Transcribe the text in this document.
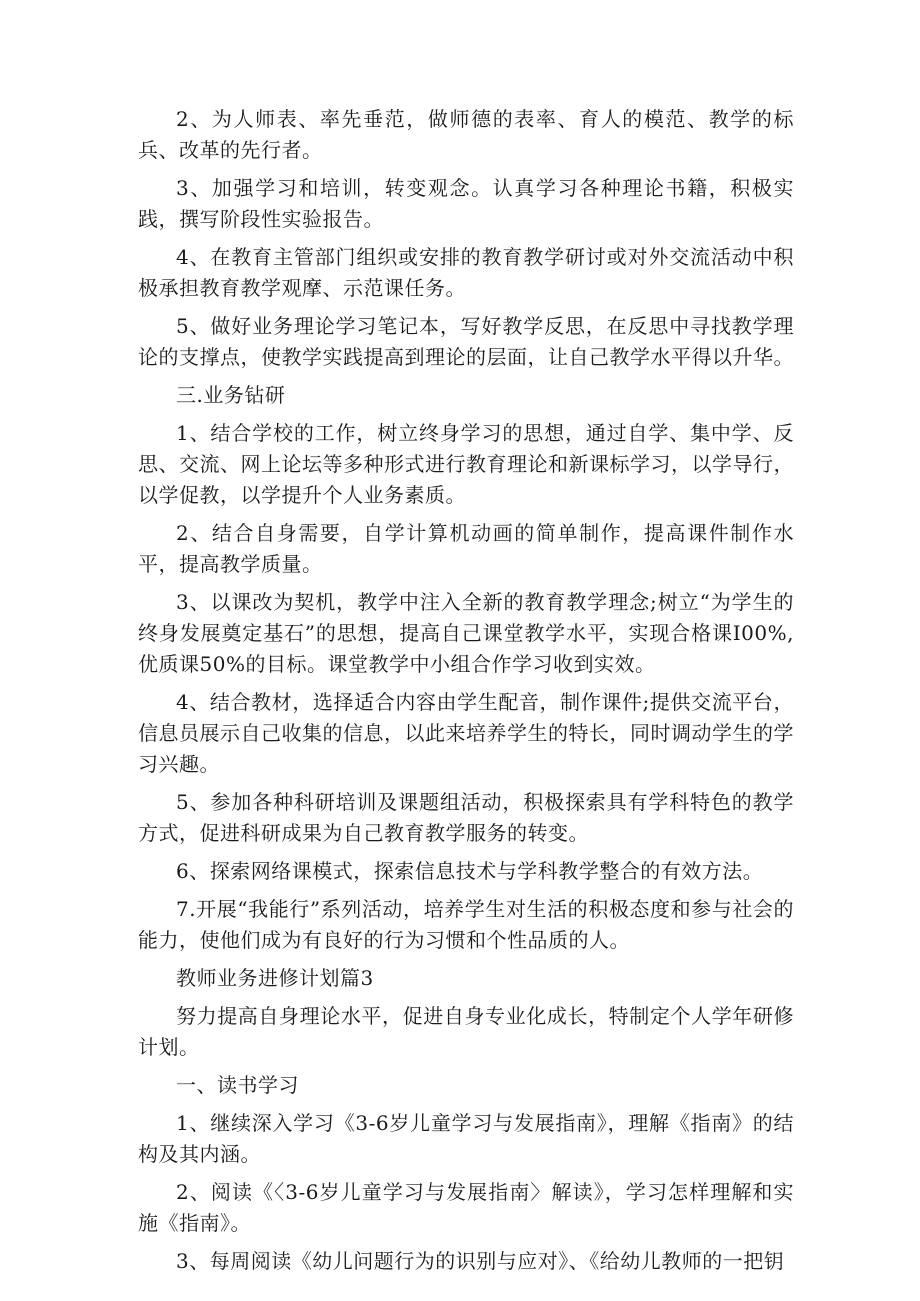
2、为人师表、率先垂范，做师德的表率、育人的模范、教学的标兵、改革的先行者。

3、加强学习和培训，转变观念。认真学习各种理论书籍，积极实践，撰写阶段性实验报告。

4、在教育主管部门组织或安排的教育教学研讨或对外交流活动中积极承担教育教学观摩、示范课任务。

5、做好业务理论学习笔记本，写好教学反思，在反思中寻找教学理论的支撑点，使教学实践提高到理论的层面，让自己教学水平得以升华。

三.业务钻研

1、结合学校的工作，树立终身学习的思想，通过自学、集中学、反思、交流、网上论坛等多种形式进行教育理论和新课标学习，以学导行，以学促教，以学提升个人业务素质。

2、结合自身需要，自学计算机动画的简单制作，提高课件制作水平，提高教学质量。

3、以课改为契机，教学中注入全新的教育教学理念;树立“为学生的终身发展奠定基石”的思想，提高自己课堂教学水平，实现合格课I00%,优质课50%的目标。课堂教学中小组合作学习收到实效。

4、结合教材，选择适合内容由学生配音，制作课件;提供交流平台，信息员展示自己收集的信息，以此来培养学生的特长，同时调动学生的学习兴趣。

5、参加各种科研培训及课题组活动，积极探索具有学科特色的教学方式，促进科研成果为自己教育教学服务的转变。

6、探索网络课模式，探索信息技术与学科教学整合的有效方法。

7.开展“我能行”系列活动，培养学生对生活的积极态度和参与社会的能力，使他们成为有良好的行为习惯和个性品质的人。

教师业务进修计划篇3

努力提高自身理论水平，促进自身专业化成长，特制定个人学年研修计划。

一、读书学习

1、继续深入学习《3-6岁儿童学习与发展指南》，理解《指南》的结构及其内涵。

2、阅读《〈3-6岁儿童学习与发展指南〉解读》，学习怎样理解和实施《指南》。

3、每周阅读《幼儿问题行为的识别与应对》、《给幼儿教师的一把钥
